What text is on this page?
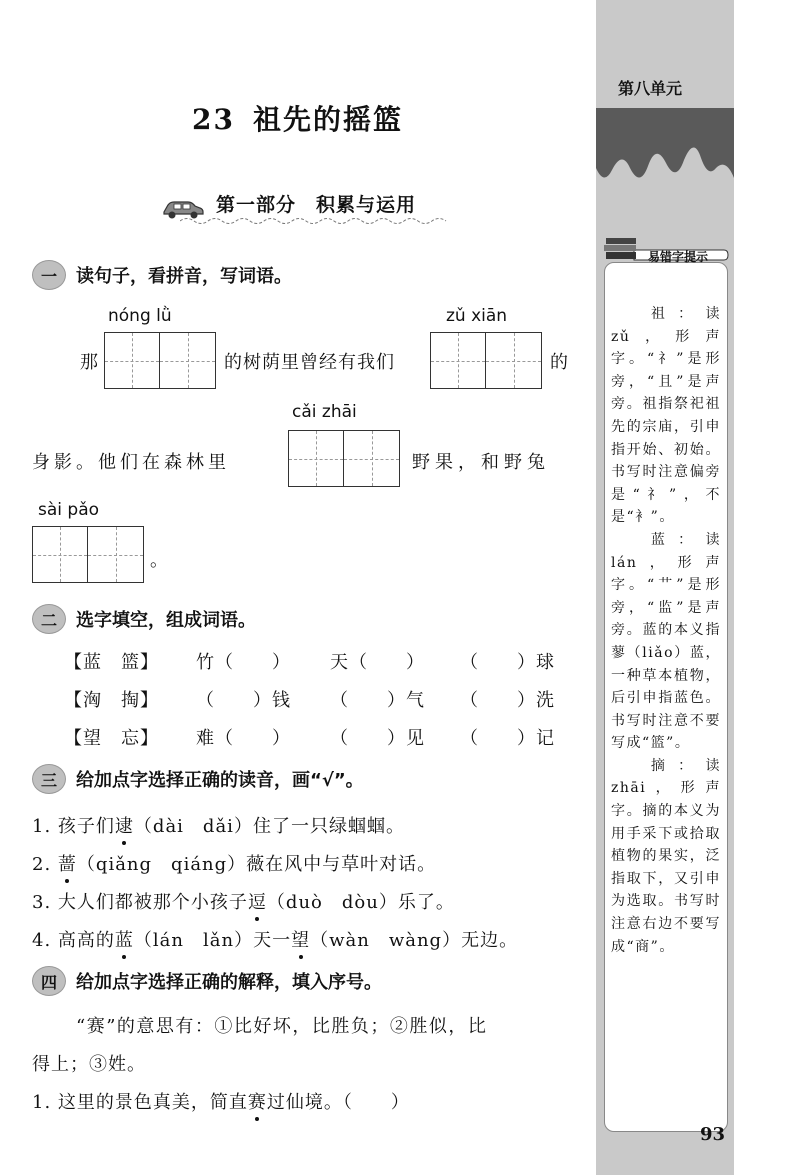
23 祖先的摇篮
第一部分　积累与运用
一	读句子，看拼音，写词语。
nóng lǜ	zǔ xiān
那	的树荫里曾经有我们	的
cǎi zhāi
身影。他们在森林里	野果，和野兔
sài pǎo
。
二	选字填空，组成词语。
【蓝　篮】 竹（　　） 天（　　） （　　）球
【洶　掏】 （　　）钱 （　　）气 （　　）洗
【望　忘】 难（　　） （　　）见 （　　）记
三	给加点字选择正确的读音，画“√”。
1. 孩子们逮（dài　dǎi）住了一只绿蝈蝈。
2. 蔷（qiǎng　qiáng）薇在风中与草叶对话。
3. 大人们都被那个小孩子逗（duò　dòu）乐了。
4. 高高的蓝（lán　lǎn）天一望（wàn　wàng）无边。
四	给加点字选择正确的解释，填入序号。
“赛”的意思有：①比好坏，比胜负；②胜似，比
得上；③姓。
1. 这里的景色真美，简直赛过仙境。（　　）
第八单元

祖：读 zǔ，形声字。“礻”是形旁，“且”是声旁。祖指祭祀祖先的宗庙，引申指开始、初始。书写时注意偏旁是“礻”，不是“衤”。

蓝：读 lán，形声字。“艹”是形旁，“监”是声旁。蓝的本义指蓼（liǎo）蓝，一种草本植物，后引申指蓝色。书写时注意不要写成“篮”。

摘：读 zhāi，形声字。摘的本义为用手采下或拾取植物的果实，泛指取下，又引申为选取。书写时注意右边不要写成“商”。

易错字提示
93
